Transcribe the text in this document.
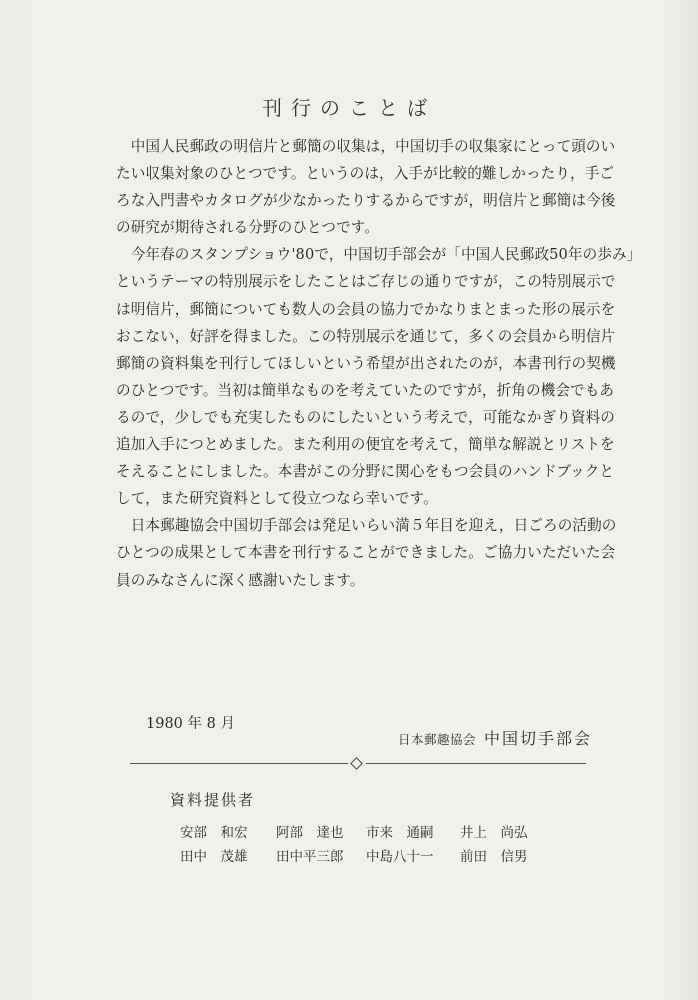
刊行のことば

　中国人民郵政の明信片と郵簡の収集は，中国切手の収集家にとって頭のい

たい収集対象のひとつです。というのは，入手が比較的難しかったり，手ご

ろな入門書やカタログが少なかったりするからですが，明信片と郵簡は今後

の研究が期待される分野のひとつです。

　今年春のスタンプショウ'80で，中国切手部会が「中国人民郵政50年の歩み」

というテーマの特別展示をしたことはご存じの通りですが，この特別展示で

は明信片，郵簡についても数人の会員の協力でかなりまとまった形の展示を

おこない，好評を得ました。この特別展示を通じて，多くの会員から明信片

郵簡の資料集を刊行してほしいという希望が出されたのが，本書刊行の契機

のひとつです。当初は簡単なものを考えていたのですが，折角の機会でもあ

るので，少しでも充実したものにしたいという考えで，可能なかぎり資料の

追加入手につとめました。また利用の便宜を考えて，簡単な解説とリストを

そえることにしました。本書がこの分野に関心をもつ会員のハンドブックと

して，また研究資料として役立つなら幸いです。

　日本郵趣協会中国切手部会は発足いらい満５年目を迎え，日ごろの活動の

ひとつの成果として本書を刊行することができました。ご協力いただいた会

員のみなさんに深く感謝いたします。

1980 年 8 月
日本郵趣協会 中国切手部会
資料提供者
安部　和宏 阿部　達也 市来　通嗣 井上　尚弘
田中　茂雄 田中平三郎 中島八十一 前田　信男
